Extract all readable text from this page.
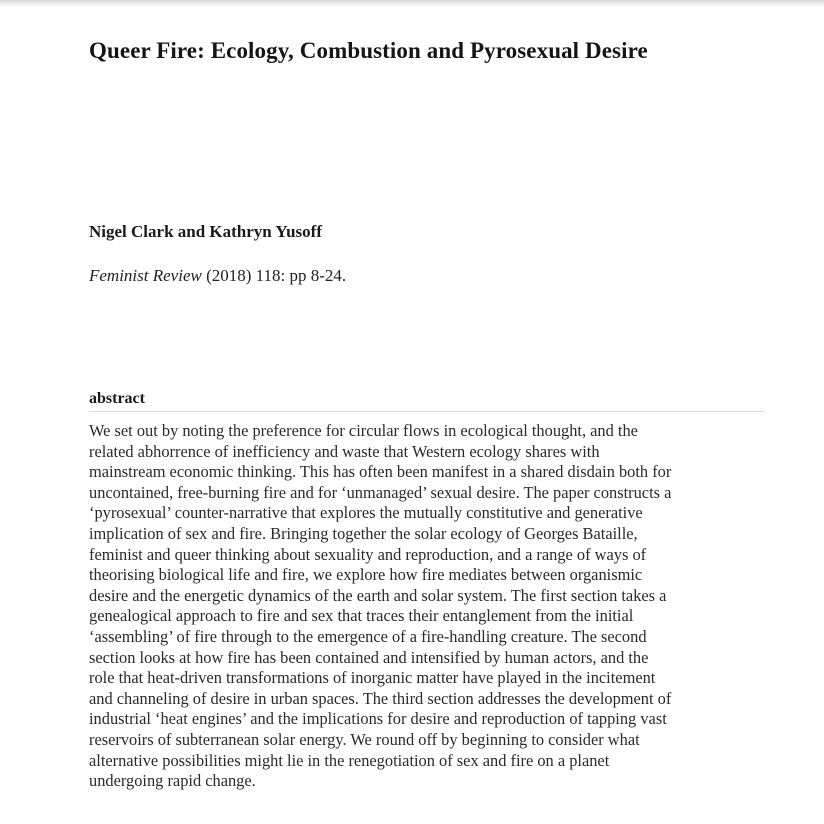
Queer Fire: Ecology, Combustion and Pyrosexual Desire

Nigel Clark and Kathryn Yusoff

Feminist Review (2018) 118: pp 8-24.

abstract
We set out by noting the preference for circular flows in ecological thought, and the
related abhorrence of inefficiency and waste that Western ecology shares with
mainstream economic thinking. This has often been manifest in a shared disdain both for
uncontained, free-burning fire and for ‘unmanaged’ sexual desire. The paper constructs a
‘pyrosexual’ counter-narrative that explores the mutually constitutive and generative
implication of sex and fire. Bringing together the solar ecology of Georges Bataille,
feminist and queer thinking about sexuality and reproduction, and a range of ways of
theorising biological life and fire, we explore how fire mediates between organismic
desire and the energetic dynamics of the earth and solar system. The first section takes a
genealogical approach to fire and sex that traces their entanglement from the initial
‘assembling’ of fire through to the emergence of a fire-handling creature. The second
section looks at how fire has been contained and intensified by human actors, and the
role that heat-driven transformations of inorganic matter have played in the incitement
and channeling of desire in urban spaces. The third section addresses the development of
industrial ‘heat engines’ and the implications for desire and reproduction of tapping vast
reservoirs of subterranean solar energy. We round off by beginning to consider what
alternative possibilities might lie in the renegotiation of sex and fire on a planet
undergoing rapid change.
